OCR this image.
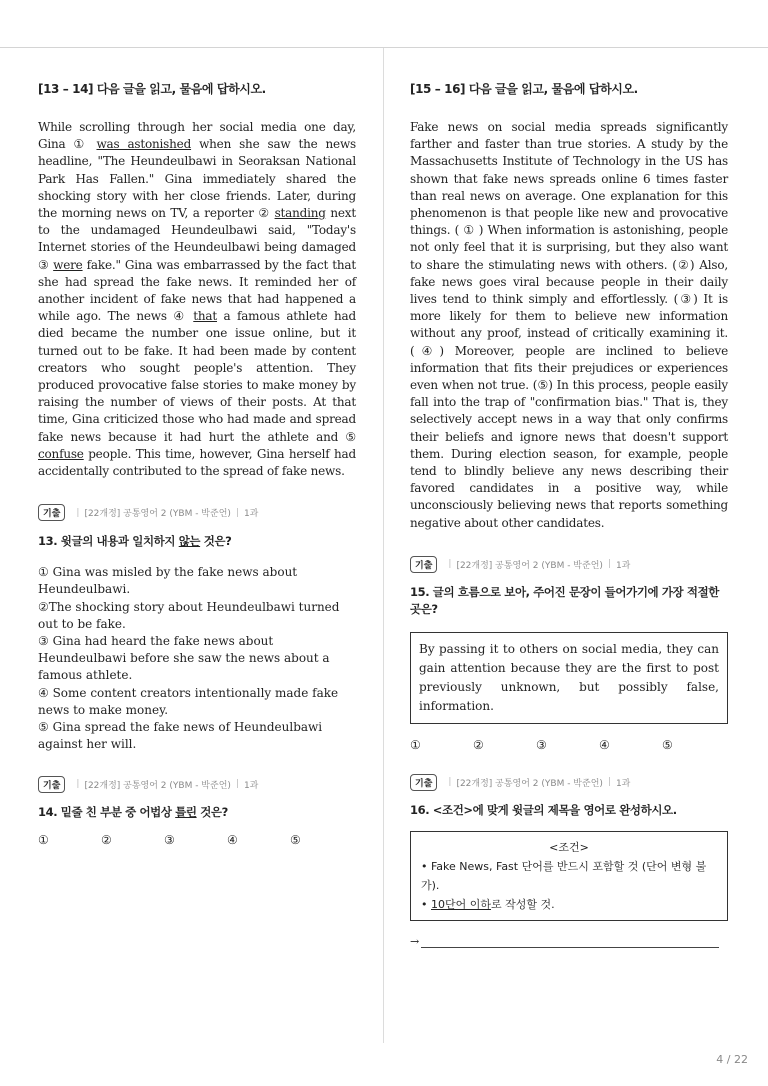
[13 – 14] 다음 글을 읽고, 물음에 답하시오.

While scrolling through her social media one day, Gina ① was astonished when she saw the news headline, "The Heundeulbawi in Seoraksan National Park Has Fallen." Gina immediately shared the shocking story with her close friends. Later, during the morning news on TV, a reporter ② standing next to the undamaged Heundeulbawi said, "Today's Internet stories of the Heundeulbawi being damaged ③ were fake." Gina was embarrassed by the fact that she had spread the fake news. It reminded her of another incident of fake news that had happened a while ago. The news ④ that a famous athlete had died became the number one issue online, but it turned out to be fake. It had been made by content creators who sought people's attention. They produced provocative false stories to make money by raising the number of views of their posts. At that time, Gina criticized those who had made and spread fake news because it had hurt the athlete and ⑤ confuse people. This time, however, Gina herself had accidentally contributed to the spread of fake news.

기출	| [22개정] 공통영어 2 (YBM - 박준언) | 1과

13. 윗글의 내용과 일치하지 않는 것은?

① Gina was misled by the fake news about Heundeulbawi.

②The shocking story about Heundeulbawi turned out to be fake.

③ Gina had heard the fake news about Heundeulbawi before she saw the news about a famous athlete.

④ Some content creators intentionally made fake news to make money.

⑤ Gina spread the fake news of Heundeulbawi against her will.

기출	| [22개정] 공통영어 2 (YBM - 박준언) | 1과

14. 밑줄 친 부분 중 어법상 틀린 것은?

①	②	③	④	⑤

[15 – 16] 다음 글을 읽고, 물음에 답하시오.

Fake news on social media spreads significantly farther and faster than true stories. A study by the Massachusetts Institute of Technology in the US has shown that fake news spreads online 6 times faster than real news on average. One explanation for this phenomenon is that people like new and provocative things. ( ① ) When information is astonishing, people not only feel that it is surprising, but they also want to share the stimulating news with others. (②) Also, fake news goes viral because people in their daily lives tend to think simply and effortlessly. (③) It is more likely for them to believe new information without any proof, instead of critically examining it. (④) Moreover, people are inclined to believe information that fits their prejudices or experiences even when not true. (⑤) In this process, people easily fall into the trap of "confirmation bias." That is, they selectively accept news in a way that only confirms their beliefs and ignore news that doesn't support them. During election season, for example, people tend to blindly believe any news describing their favored candidates in a positive way, while unconsciously believing news that reports something negative about other candidates.

기출	| [22개정] 공통영어 2 (YBM - 박준언) | 1과

15. 글의 흐름으로 보아, 주어진 문장이 들어가기에 가장 적절한 곳은?

By passing it to others on social media, they can gain attention because they are the first to post previously unknown, but possibly false, information.
①	②	③	④	⑤
기출	| [22개정] 공통영어 2 (YBM - 박준언) | 1과

16. <조건>에 맞게 윗글의 제목을 영어로 완성하시오.

<조건>
• Fake News, Fast 단어를 반드시 포함할 것 (단어 변형 불가).
• 10단어 이하로 작성할 것.
→
4 / 22
